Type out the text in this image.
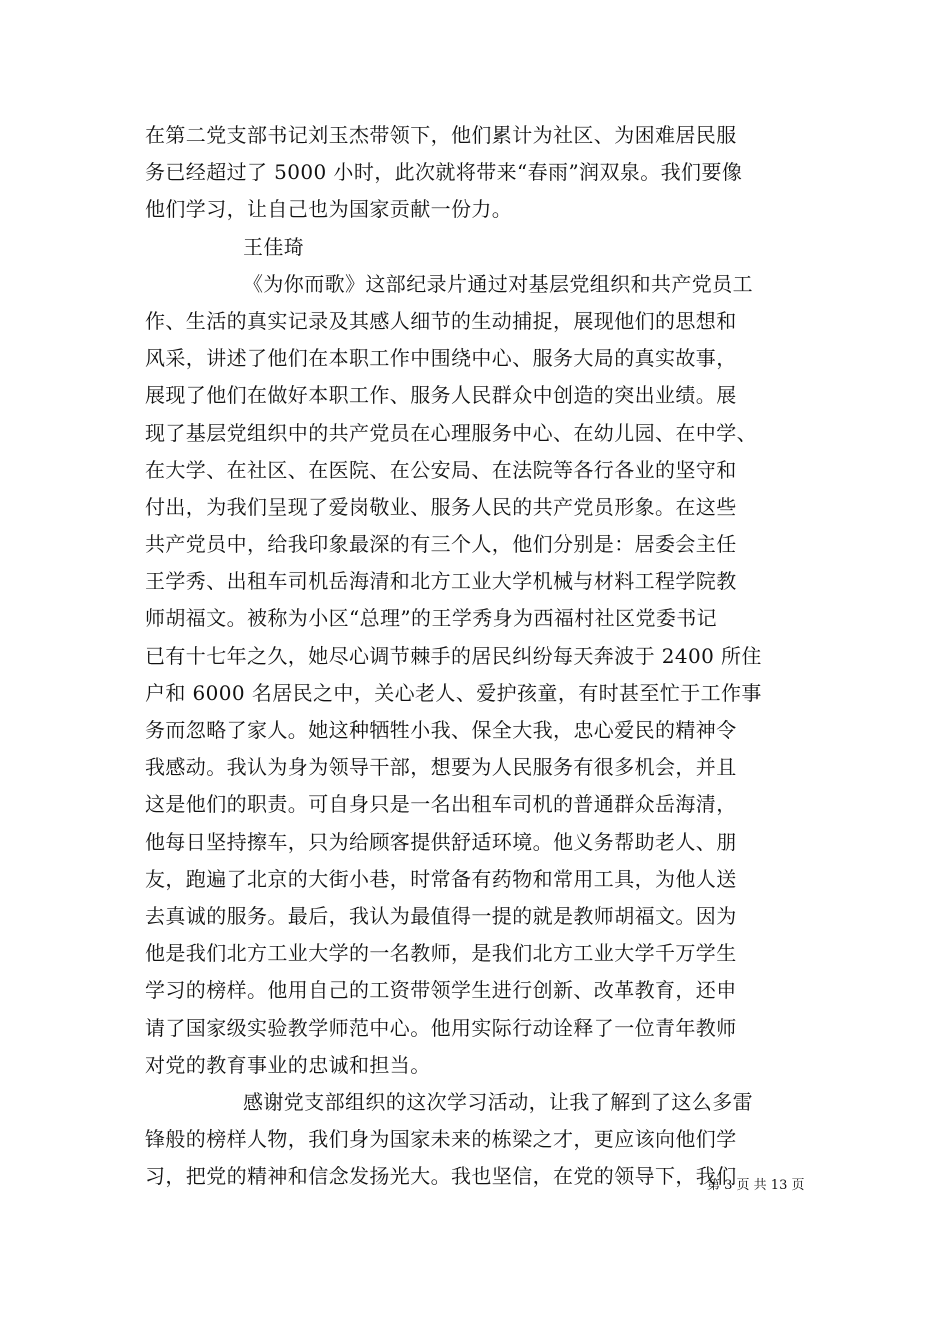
在第二党支部书记刘玉杰带领下，他们累计为社区、为困难居民服
务已经超过了 5000 小时，此次就将带来“春雨”润双泉。我们要像
他们学习，让自己也为国家贡献一份力。
王佳琦
《为你而歌》这部纪录片通过对基层党组织和共产党员工
作、生活的真实记录及其感人细节的生动捕捉，展现他们的思想和
风采，讲述了他们在本职工作中围绕中心、服务大局的真实故事，
展现了他们在做好本职工作、服务人民群众中创造的突出业绩。展
现了基层党组织中的共产党员在心理服务中心、在幼儿园、在中学、
在大学、在社区、在医院、在公安局、在法院等各行各业的坚守和
付出，为我们呈现了爱岗敬业、服务人民的共产党员形象。在这些
共产党员中，给我印象最深的有三个人，他们分别是：居委会主任
王学秀、出租车司机岳海清和北方工业大学机械与材料工程学院教
师胡福文。被称为小区“总理”的王学秀身为西福村社区党委书记
已有十七年之久，她尽心调节棘手的居民纠纷每天奔波于 2400 所住
户和 6000 名居民之中，关心老人、爱护孩童，有时甚至忙于工作事
务而忽略了家人。她这种牺牲小我、保全大我，忠心爱民的精神令
我感动。我认为身为领导干部，想要为人民服务有很多机会，并且
这是他们的职责。可自身只是一名出租车司机的普通群众岳海清，
他每日坚持擦车，只为给顾客提供舒适环境。他义务帮助老人、朋
友，跑遍了北京的大街小巷，时常备有药物和常用工具，为他人送
去真诚的服务。最后，我认为最值得一提的就是教师胡福文。因为
他是我们北方工业大学的一名教师，是我们北方工业大学千万学生
学习的榜样。他用自己的工资带领学生进行创新、改革教育，还申
请了国家级实验教学师范中心。他用实际行动诠释了一位青年教师
对党的教育事业的忠诚和担当。
感谢党支部组织的这次学习活动，让我了解到了这么多雷
锋般的榜样人物，我们身为国家未来的栋梁之才，更应该向他们学
习，把党的精神和信念发扬光大。我也坚信，在党的领导下，我们
第 3 页 共 13 页
